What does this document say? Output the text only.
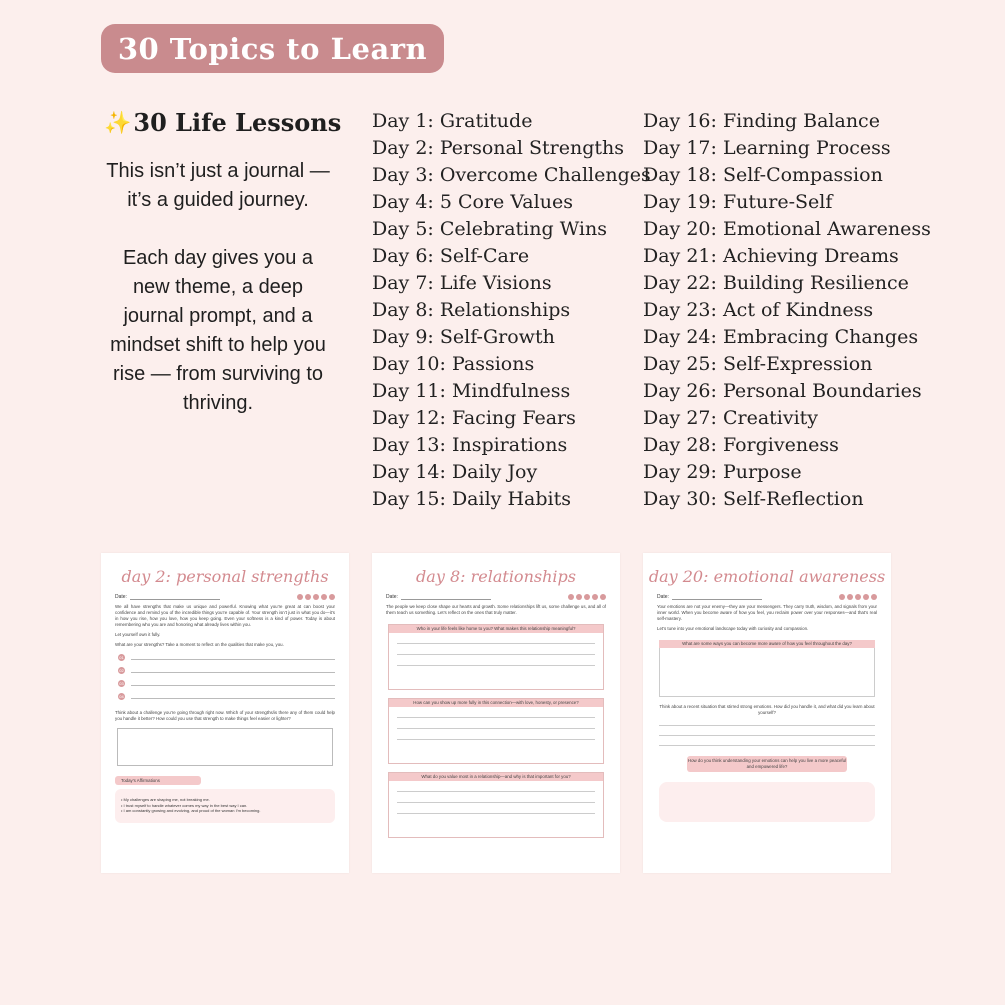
30 Topics to Learn
✨ 30 Life Lessons

This isn’t just a journal — it’s a guided journey.

Each day gives you a new theme, a deep journal prompt, and a mindset shift to help you rise — from surviving to thriving.

Day 1: Gratitude
Day 2: Personal Strengths
Day 3: Overcome Challenges
Day 4: 5 Core Values
Day 5: Celebrating Wins
Day 6: Self-Care
Day 7: Life Visions
Day 8: Relationships
Day 9: Self-Growth
Day 10: Passions
Day 11: Mindfulness
Day 12: Facing Fears
Day 13: Inspirations
Day 14: Daily Joy
Day 15: Daily Habits
Day 16: Finding Balance
Day 17: Learning Process
Day 18: Self-Compassion
Day 19: Future-Self
Day 20: Emotional Awareness
Day 21: Achieving Dreams
Day 22: Building Resilience
Day 23: Act of Kindness
Day 24: Embracing Changes
Day 25: Self-Expression
Day 26: Personal Boundaries
Day 27: Creativity
Day 28: Forgiveness
Day 29: Purpose
Day 30: Self-Reflection
day 2: personal strengths
Date:
We all have strengths that make us unique and powerful. Knowing what you’re great at can boost your confidence and remind you of the incredible things you’re capable of. Your strength isn’t just in what you do—it’s in how you rise, how you love, how you keep going. Even your softness is a kind of power. Today is about remembering who you are and honoring what already lives within you.
Let yourself own it fully.
What are your strengths? Take a moment to reflect on the qualities that make you, you.
01
02
03
04
Think about a challenge you’re going through right now. Which of your strengths/is there any of them could help you handle it better? How could you use that strength to make things feel easier or lighter?
Today’s Affirmations
• My challenges are shaping me, not breaking me.
• I trust myself to handle whatever comes my way in the best way I can.
• I am constantly growing and evolving, and proud of the woman I’m becoming.
day 8: relationships
Date:
The people we keep close shape our hearts and growth. Some relationships lift us, some challenge us, and all of them teach us something. Let’s reflect on the ones that truly matter.
Who in your life feels like home to you? What makes this relationship meaningful?
How can you show up more fully in this connection—with love, honesty, or presence?
What do you value most in a relationship—and why is that important for you?
day 20: emotional awareness
Date:
Your emotions are not your enemy—they are your messengers. They carry truth, wisdom, and signals from your inner world. When you become aware of how you feel, you reclaim power over your responses—and that’s real self-mastery.
Let’s tune into your emotional landscape today with curiosity and compassion.
What are some ways you can become more aware of how you feel throughout the day?
Think about a recent situation that stirred strong emotions. How did you handle it, and what did you learn about yourself?
How do you think understanding your emotions can help you live a more peaceful and empowered life?
